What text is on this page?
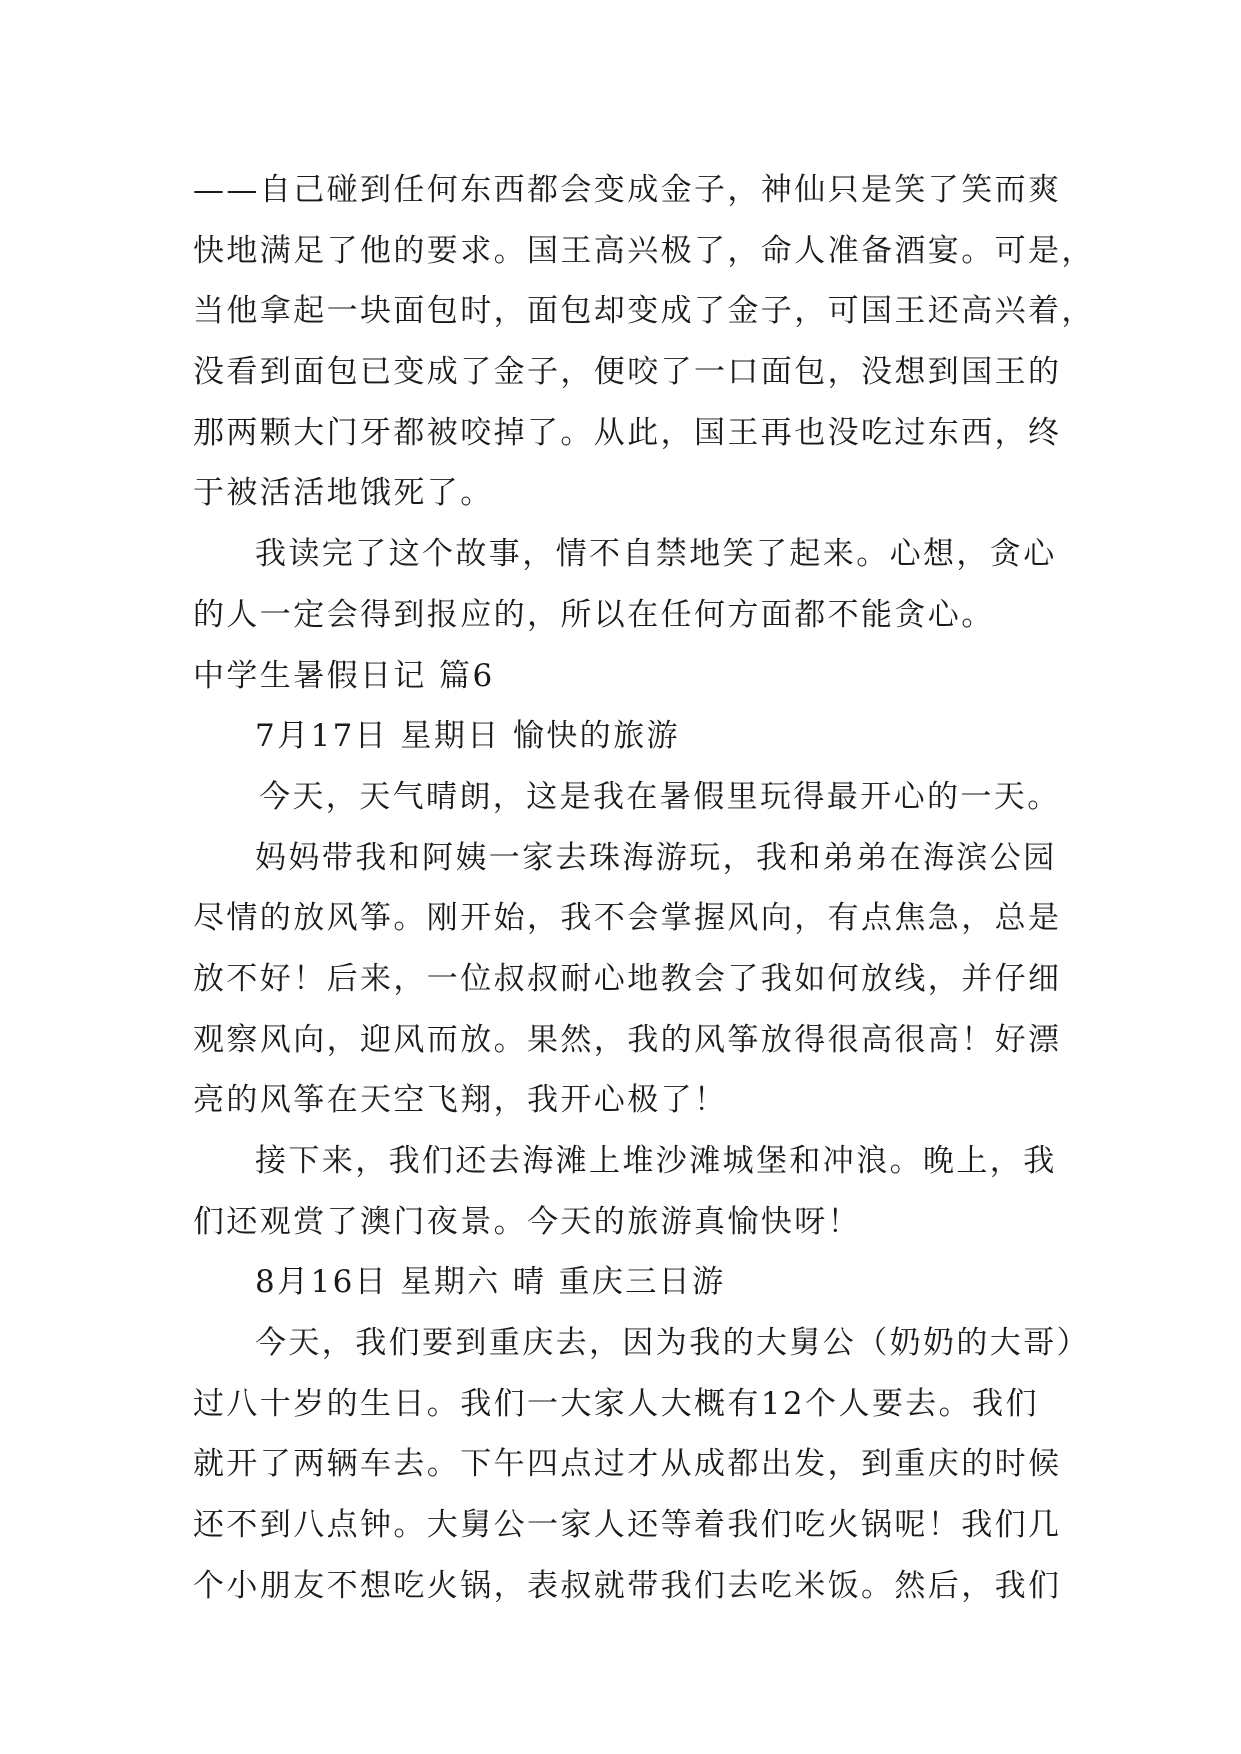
——自己碰到任何东西都会变成金子，神仙只是笑了笑而爽
快地满足了他的要求。国王高兴极了，命人准备酒宴。可是，
当他拿起一块面包时，面包却变成了金子，可国王还高兴着，
没看到面包已变成了金子，便咬了一口面包，没想到国王的
那两颗大门牙都被咬掉了。从此，国王再也没吃过东西，终
于被活活地饿死了。
我读完了这个故事，情不自禁地笑了起来。心想，贪心
的人一定会得到报应的，所以在任何方面都不能贪心。
中学生暑假日记 篇6
7月17日 星期日 愉快的旅游
今天，天气晴朗，这是我在暑假里玩得最开心的一天。
妈妈带我和阿姨一家去珠海游玩，我和弟弟在海滨公园
尽情的放风筝。刚开始，我不会掌握风向，有点焦急，总是
放不好！后来，一位叔叔耐心地教会了我如何放线，并仔细
观察风向，迎风而放。果然，我的风筝放得很高很高！好漂
亮的风筝在天空飞翔，我开心极了！
接下来，我们还去海滩上堆沙滩城堡和冲浪。晚上，我
们还观赏了澳门夜景。今天的旅游真愉快呀！
8月16日 星期六 晴 重庆三日游
今天，我们要到重庆去，因为我的大舅公（奶奶的大哥）
过八十岁的生日。我们一大家人大概有12个人要去。我们
就开了两辆车去。下午四点过才从成都出发，到重庆的时候
还不到八点钟。大舅公一家人还等着我们吃火锅呢！我们几
个小朋友不想吃火锅，表叔就带我们去吃米饭。然后，我们
